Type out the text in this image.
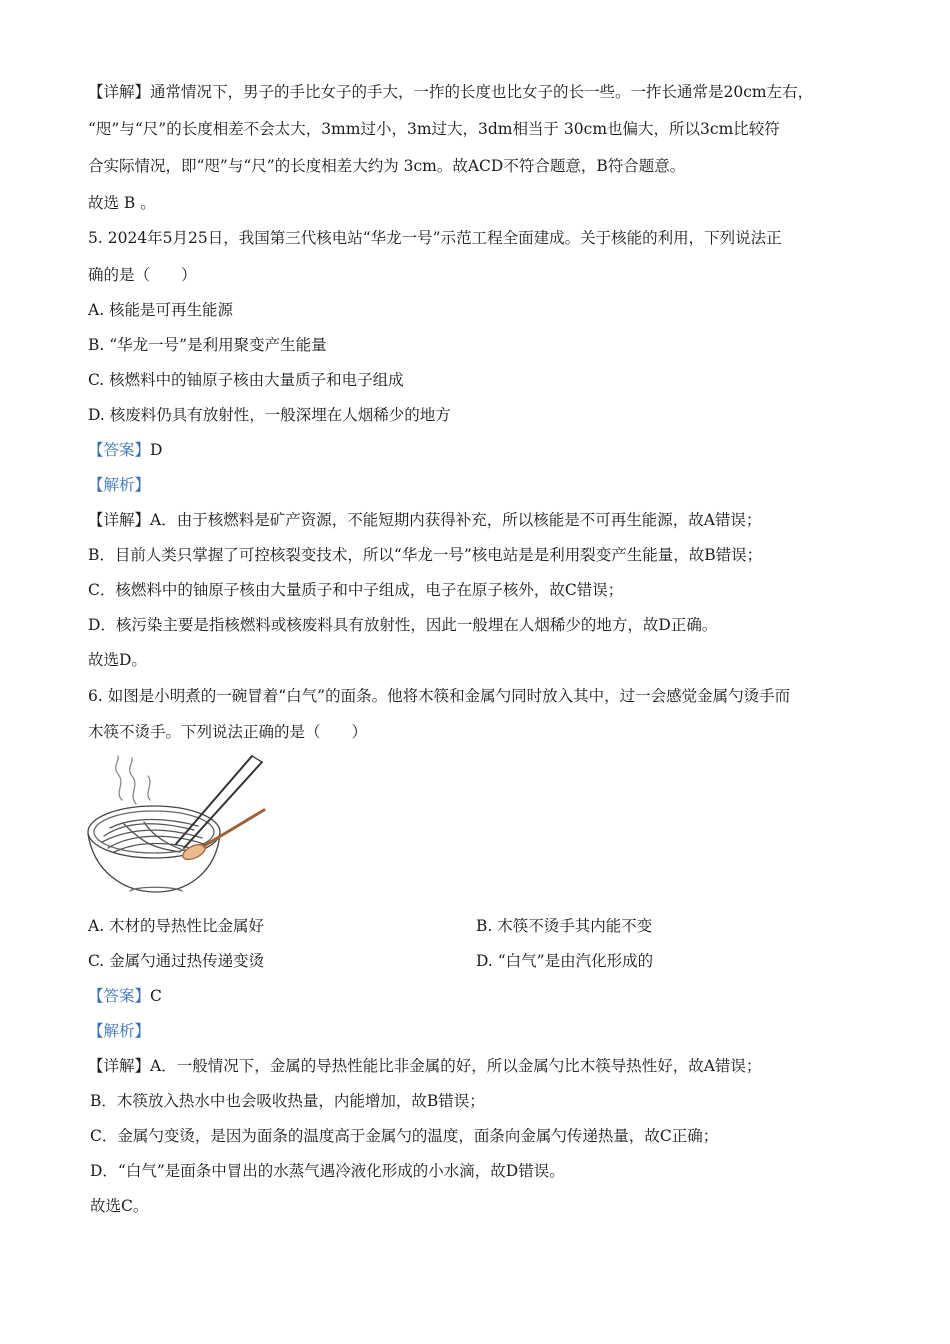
【详解】通常情况下，男子的手比女子的手大，一拃的长度也比女子的长一些。一拃长通常是20cm左右，
“咫”与“尺”的长度相差不会太大，3mm过小，3m过大，3dm相当于 30cm也偏大，所以3cm比较符
合实际情况，即“咫”与“尺”的长度相差大约为 3cm。故ACD不符合题意，B符合题意。
故选 B 。
5. 2024年5月25日，我国第三代核电站“华龙一号”示范工程全面建成。关于核能的利用，下列说法正
确的是（　　）
A. 核能是可再生能源
B. “华龙一号”是利用聚变产生能量
C. 核燃料中的铀原子核由大量质子和电子组成
D. 核废料仍具有放射性，一般深埋在人烟稀少的地方
【答案】D
【解析】
【详解】A．由于核燃料是矿产资源，不能短期内获得补充，所以核能是不可再生能源，故A错误；
B．目前人类只掌握了可控核裂变技术，所以“华龙一号”核电站是是利用裂变产生能量，故B错误；
C．核燃料中的铀原子核由大量质子和中子组成，电子在原子核外，故C错误；
D．核污染主要是指核燃料或核废料具有放射性，因此一般埋在人烟稀少的地方，故D正确。
故选D。
6. 如图是小明煮的一碗冒着“白气”的面条。他将木筷和金属勺同时放入其中，过一会感觉金属勺烫手而
木筷不烫手。下列说法正确的是（　　）
A. 木材的导热性比金属好	B. 木筷不烫手其内能不变
C. 金属勺通过热传递变烫	D. “白气”是由汽化形成的
【答案】C
【解析】
【详解】A．一般情况下，金属的导热性能比非金属的好，所以金属勺比木筷导热性好，故A错误；
B．木筷放入热水中也会吸收热量，内能增加，故B错误；
C．金属勺变烫，是因为面条的温度高于金属勺的温度，面条向金属勺传递热量，故C正确；
D．“白气”是面条中冒出的水蒸气遇冷液化形成的小水滴，故D错误。
故选C。
